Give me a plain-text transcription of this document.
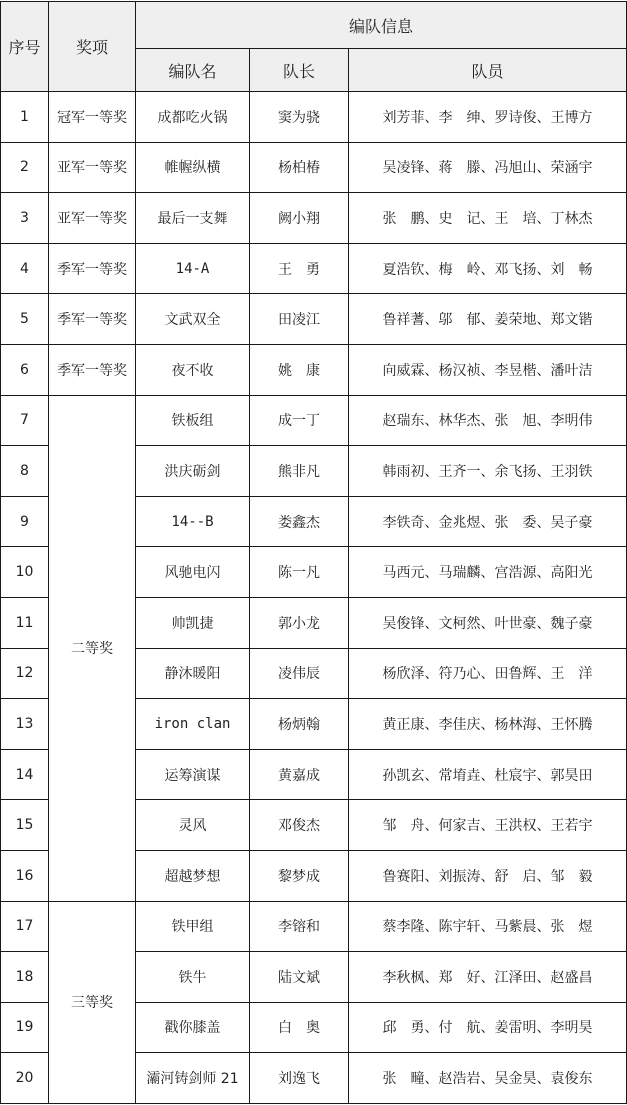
序号	奖项	编队信息		
		编队名	队长	队员
1	冠军一等奖	成都吃火锅	窦为骁	刘芳菲、李　绅、罗诗俊、王博方
2	亚军一等奖	帷幄纵横	杨柏椿	吴凌锋、蒋　滕、冯旭山、荣涵宇
3	亚军一等奖	最后一支舞	阙小翔	张　鹏、史　记、王　培、丁林杰
4	季军一等奖	14-A	王　勇	夏浩钦、梅　岭、邓飞扬、刘　畅
5	季军一等奖	文武双全	田凌江	鲁祥蓍、邬　郁、姜荣地、郑文锴
6	季军一等奖	夜不收	姚　康	向威霖、杨汉祯、李昱楷、潘叶洁
7	二等奖	铁板组	成一丁	赵瑞东、林华杰、张　旭、李明伟
8		洪庆砺剑	熊非凡	韩雨初、王齐一、余飞扬、王羽铁
9		14--B	娄鑫杰	李铁奇、金兆煜、张　委、吴子豪
10		风驰电闪	陈一凡	马西元、马瑞麟、宫浩源、高阳光
11		帅凯捷	郭小龙	吴俊锋、文柯然、叶世豪、魏子豪
12		静沐暖阳	凌伟辰	杨欣泽、符乃心、田鲁辉、王　洋
13		iron clan	杨炳翰	黄正康、李佳庆、杨林海、王怀腾
14		运筹演谋	黄嘉成	孙凯玄、常堉垚、杜宸宇、郭昊田
15		灵风	邓俊杰	邹　舟、何家吉、王洪权、王若宇
16		超越梦想	黎梦成	鲁赛阳、刘振涛、舒　启、邹　毅
17	三等奖	铁甲组	李镕和	蔡李隆、陈宇轩、马紫晨、张　煜
18		铁牛	陆文斌	李秋枫、郑　好、江泽田、赵盛昌
19		戳你膝盖	白　奥	邱　勇、付　航、姜雷明、李明昊
20		灞河铸剑师 21	刘逸飞	张　疃、赵浩岩、吴金昊、袁俊东
